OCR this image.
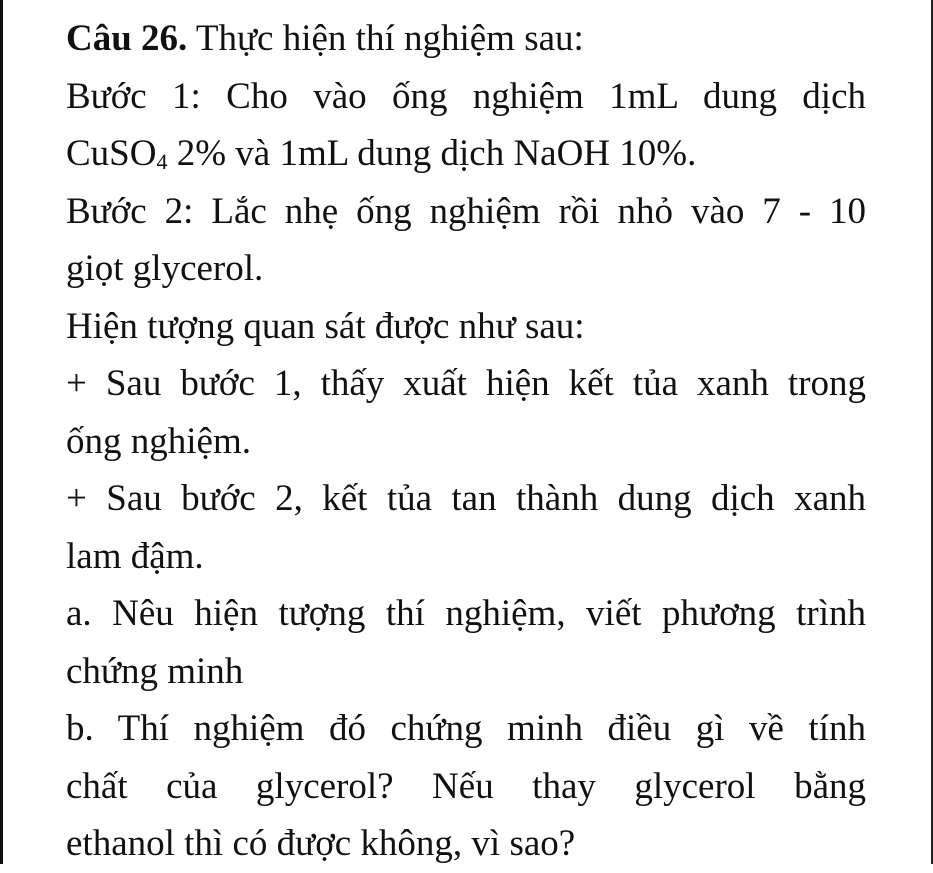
Câu 26. Thực hiện thí nghiệm sau:
Bước 1: Cho vào ống nghiệm 1mL dung dịch
CuSO$_4$ 2% và 1mL dung dịch NaOH 10%.
Bước 2: Lắc nhẹ ống nghiệm rồi nhỏ vào 7 - 10
giọt glycerol.
Hiện tượng quan sát được như sau:
+ Sau bước 1, thấy xuất hiện kết tủa xanh trong
ống nghiệm.
+ Sau bước 2, kết tủa tan thành dung dịch xanh
lam đậm.
a. Nêu hiện tượng thí nghiệm, viết phương trình
chứng minh
b. Thí nghiệm đó chứng minh điều gì về tính
chất của glycerol? Nếu thay glycerol bằng
ethanol thì có được không, vì sao?
